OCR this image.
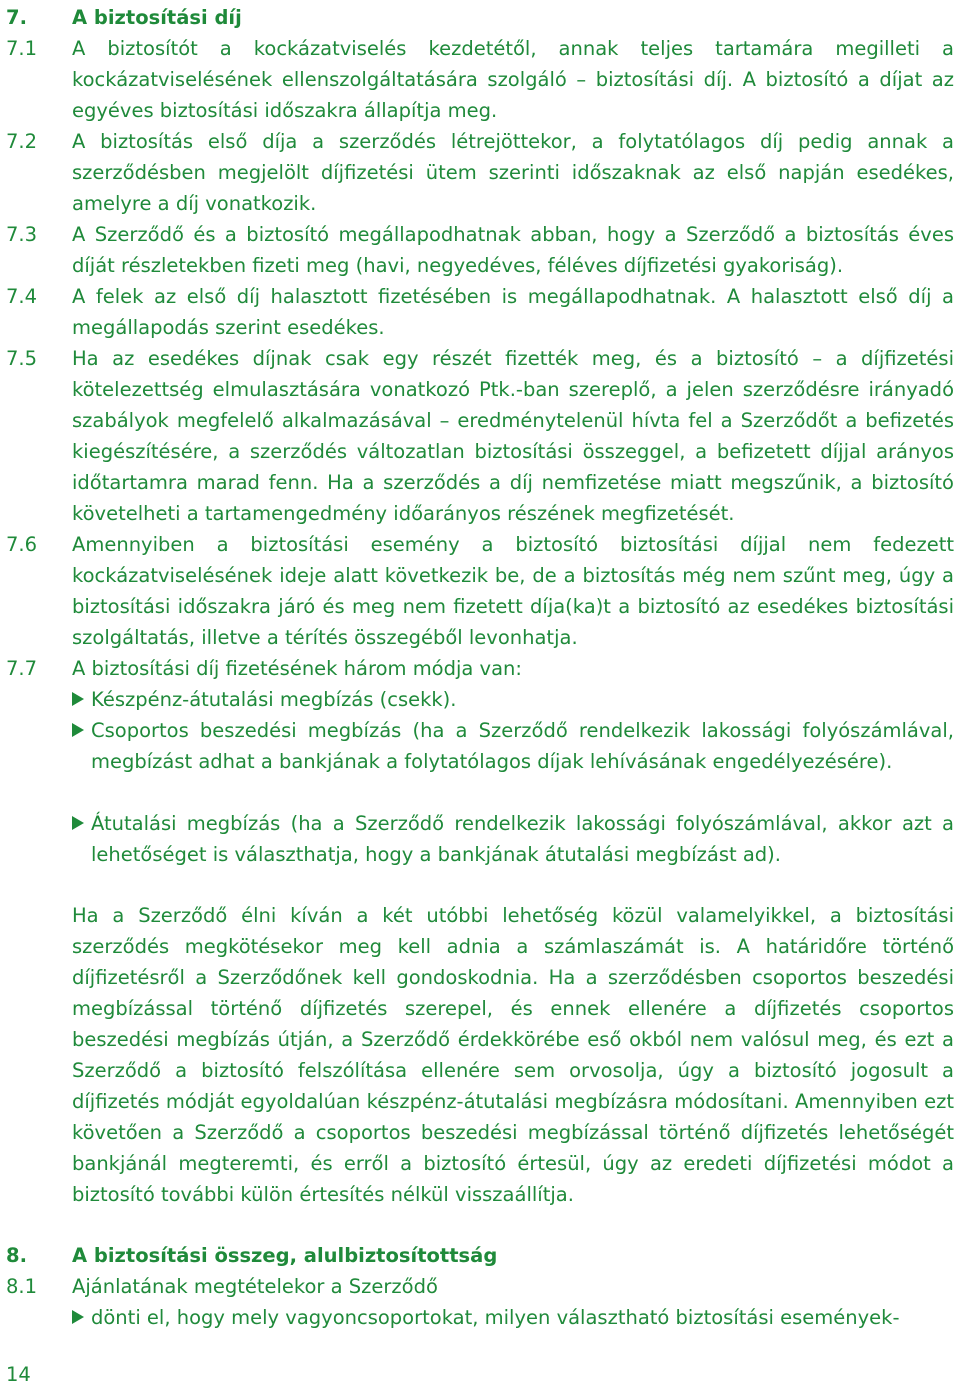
7. A biztosítási díj
7.1 A biztosítót a kockázatviselés kezdetétől, annak teljes tartamára megilleti a kockázatviselésének ellenszolgáltatására szolgáló – biztosítási díj. A biztosító a díjat az egyéves biztosítási időszakra állapítja meg.
7.2 A biztosítás első díja a szerződés létrejöttekor, a folytatólagos díj pedig annak a szerződésben megjelölt díjfizetési ütem szerinti időszaknak az első napján esedékes, amelyre a díj vonatkozik.
7.3 A Szerződő és a biztosító megállapodhatnak abban, hogy a Szerződő a biztosítás éves díját részletekben fizeti meg (havi, negyedéves, féléves díjfizetési gyakoriság).
7.4 A felek az első díj halasztott fizetésében is megállapodhatnak. A halasztott első díj a megállapodás szerint esedékes.
7.5 Ha az esedékes díjnak csak egy részét fizették meg, és a biztosító – a díjfizetési kötelezettség elmulasztására vonatkozó Ptk.-ban szereplő, a jelen szerződésre irányadó szabályok megfelelő alkalmazásával – eredménytelenül hívta fel a Szerződőt a befizetés kiegészítésére, a szerződés változatlan biztosítási összeggel, a befizetett díjjal arányos időtartamra marad fenn. Ha a szerződés a díj nemfizetése miatt megszűnik, a biztosító követelheti a tartamengedmény időarányos részének megfizetését.
7.6 Amennyiben a biztosítási esemény a biztosító biztosítási díjjal nem fedezett kockázatviselésének ideje alatt következik be, de a biztosítás még nem szűnt meg, úgy a biztosítási időszakra járó és meg nem fizetett díja(ka)t a biztosító az esedékes biztosítási szolgáltatás, illetve a térítés összegéből levonhatja.
7.7 A biztosítási díj fizetésének három módja van:
Készpénz-átutalási megbízás (csekk).
Csoportos beszedési megbízás (ha a Szerződő rendelkezik lakossági folyószámlával, megbízást adhat a bankjának a folytatólagos díjak lehívásának engedélyezésére).
Átutalási megbízás (ha a Szerződő rendelkezik lakossági folyószámlával, akkor azt a lehetőséget is választhatja, hogy a bankjának átutalási megbízást ad).
Ha a Szerződő élni kíván a két utóbbi lehetőség közül valamelyikkel, a biztosítási szerződés megkötésekor meg kell adnia a számlaszámát is. A határidőre történő díjfizetésről a Szerződőnek kell gondoskodnia. Ha a szerződésben csoportos beszedési megbízással történő díjfizetés szerepel, és ennek ellenére a díjfizetés csoportos beszedési megbízás útján, a Szerződő érdekkörébe eső okból nem valósul meg, és ezt a Szerződő a biztosító felszólítása ellenére sem orvosolja, úgy a biztosító jogosult a díjfizetés módját egyoldalúan készpénz-átutalási megbízásra módosítani. Amennyiben ezt követően a Szerződő a csoportos beszedési megbízással történő díjfizetés lehetőségét bankjánál megteremti, és erről a biztosító értesül, úgy az eredeti díjfizetési módot a biztosító további külön értesítés nélkül visszaállítja.
8. A biztosítási összeg, alulbiztosítottság
8.1 Ajánlatának megtételekor a Szerződő
dönti el, hogy mely vagyoncsoportokat, milyen választható biztosítási események-
14
